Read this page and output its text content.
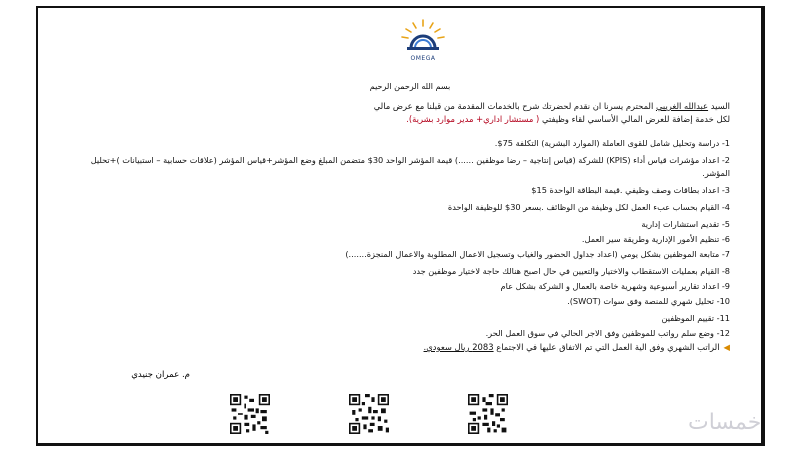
OMEGA
بسم الله الرحمن الرحيم
السيد عبدالله الغريبي المحترم يسرنا ان نقدم لحضرتك شرح بالخدمات المقدمة من قبلنا مع عرض مالي
لكل خدمة إضافة للعرض المالي الأساسي لقاء وظيفتي ( مستشار اداري+ مدير موارد بشرية).
1- دراسة وتحليل شامل للقوى العاملة (الموارد البشرية) التكلفة 75$.
2- اعداد مؤشرات قياس أداء (KPIS) للشركة (قياس إنتاجية – رضا موظفين ......) قيمة المؤشر الواحد 30$ متضمن المبلغ وضع المؤشر+قياس المؤشر (علاقات حسابية – استبيانات )+تحليل المؤشر.
3- اعداد بطاقات وصف وظيفي .قيمة البطاقة الواحدة 15$
4- القيام بحساب عبء العمل لكل وظيفة من الوظائف .بسعر 30$ للوظيفة الواحدة
5- تقديم استشارات إدارية
6- تنظيم الأمور الإدارية وطريقة سير العمل.
7- متابعة الموظفين بشكل يومي (اعداد جداول الحضور والغياب وتسجيل الاعمال المطلوبة والاعمال المنجزة.......)
8- القيام بعمليات الاستقطاب والاختيار والتعيين في حال اصبح هنالك حاجة لاختيار موظفين جدد
9- اعداد تقارير أسبوعية وشهرية خاصة بالعمال و الشركة بشكل عام
10- تحليل شهري للمنصة وفق سوات (SWOT).
11- تقييم الموظفين
12- وضع سلم رواتب للموظفين وفق الاجر الحالي في سوق العمل الحر.
◀الراتب الشهري وفق الية العمل التي تم الاتفاق عليها في الاجتماع 2083 ريال سعودي.
م. عمران جنيدي
خمسات
